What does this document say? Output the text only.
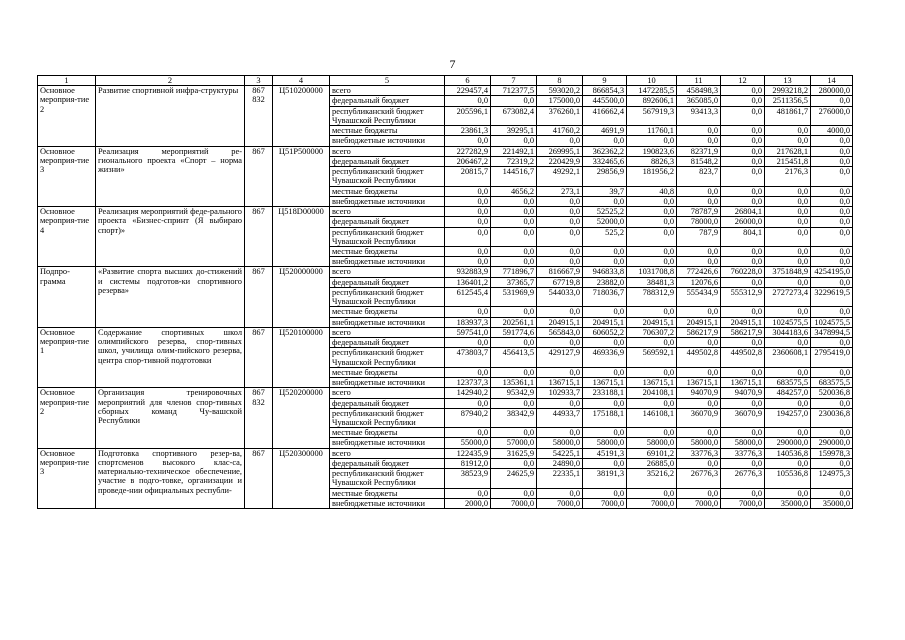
7
1	2	3	4	5	6	7	8	9	10	11	12	13	14
Основное мероприя-тие 2	Развитие спортивной инфра-структуры	867 832	Ц510200000	всего	229457,4	712377,5	593020,2	866854,3	1472285,5	458498,3	0,0	2993218,2	280000,0
				федеральный бюджет	0,0	0,0	175000,0	445500,0	892606,1	365085,0	0,0	2511356,5	0,0
				республиканский бюджет Чувашской Республики	205596,1	673082,4	376260,1	416662,4	567919,3	93413,3	0,0	481861,7	276000,0
				местные бюджеты	23861,3	39295,1	41760,2	4691,9	11760,1	0,0	0,0	0,0	4000,0
				внебюджетные источники	0,0	0,0	0,0	0,0	0,0	0,0	0,0	0,0	0,0
Основное мероприя-тие 3	Реализация мероприятий ре-гионального проекта «Спорт – норма жизни»	867	Ц51Р500000	всего	227282,9	221492,1	269995,1	362362,2	190823,6	82371,9	0,0	217628,1	0,0
				федеральный бюджет	206467,2	72319,2	220429,9	332465,6	8826,3	81548,2	0,0	215451,8	0,0
				республиканский бюджет Чувашской Республики	20815,7	144516,7	49292,1	29856,9	181956,2	823,7	0,0	2176,3	0,0
				местные бюджеты	0,0	4656,2	273,1	39,7	40,8	0,0	0,0	0,0	0,0
				внебюджетные источники	0,0	0,0	0,0	0,0	0,0	0,0	0,0	0,0	0,0
Основное мероприя-тие 4	Реализация мероприятий феде-рального проекта «Бизнес-спринт (Я выбираю спорт)»	867	Ц518D00000	всего	0,0	0,0	0,0	52525,2	0,0	78787,9	26804,1	0,0	0,0
				федеральный бюджет	0,0	0,0	0,0	52000,0	0,0	78000,0	26000,0	0,0	0,0
				республиканский бюджет Чувашской Республики	0,0	0,0	0,0	525,2	0,0	787,9	804,1	0,0	0,0
				местные бюджеты	0,0	0,0	0,0	0,0	0,0	0,0	0,0	0,0	0,0
				внебюджетные источники	0,0	0,0	0,0	0,0	0,0	0,0	0,0	0,0	0,0
Подпро-грамма	«Развитие спорта высших до-стижений и системы подготов-ки спортивного резерва»	867	Ц520000000	всего	932883,9	771896,7	816667,9	946833,8	1031708,8	772426,6	760228,0	3751848,9	4254195,0
				федеральный бюджет	136401,2	37365,7	67719,8	23882,0	38481,3	12076,6	0,0	0,0	0,0
				республиканский бюджет Чувашской Республики	612545,4	531969,9	544033,0	718036,7	788312,9	555434,9	555312,9	2727273,4	3229619,5
				местные бюджеты	0,0	0,0	0,0	0,0	0,0	0,0	0,0	0,0	0,0
				внебюджетные источники	183937,3	202561,1	204915,1	204915,1	204915,1	204915,1	204915,1	1024575,5	1024575,5
Основное мероприя-тие 1	Содержание спортивных школ олимпийского резерва, спор-тивных школ, училища олим-пийского резерва, центра спор-тивной подготовки	867	Ц520100000	всего	597541,0	591774,6	565843,0	606052,2	706307,2	586217,9	586217,9	3044183,6	3478994,5
				федеральный бюджет	0,0	0,0	0,0	0,0	0,0	0,0	0,0	0,0	0,0
				республиканский бюджет Чувашской Республики	473803,7	456413,5	429127,9	469336,9	569592,1	449502,8	449502,8	2360608,1	2795419,0
				местные бюджеты	0,0	0,0	0,0	0,0	0,0	0,0	0,0	0,0	0,0
				внебюджетные источники	123737,3	135361,1	136715,1	136715,1	136715,1	136715,1	136715,1	683575,5	683575,5
Основное мероприя-тие 2	Организация тренировочных мероприятий для членов спор-тивных сборных команд Чу-вашской Республики	867 832	Ц520200000	всего	142940,2	95342,9	102933,7	233188,1	204108,1	94070,9	94070,9	484257,0	520036,8
				федеральный бюджет	0,0	0,0	0,0	0,0	0,0	0,0	0,0	0,0	0,0
				республиканский бюджет Чувашской Республики	87940,2	38342,9	44933,7	175188,1	146108,1	36070,9	36070,9	194257,0	230036,8
				местные бюджеты	0,0	0,0	0,0	0,0	0,0	0,0	0,0	0,0	0,0
				внебюджетные источники	55000,0	57000,0	58000,0	58000,0	58000,0	58000,0	58000,0	290000,0	290000,0
Основное мероприя-тие 3	Подготовка спортивного резер-ва, спортсменов высокого клас-са, материально-техническое обеспечение, участие в подго-товке, организации и проведе-нии официальных республи-	867	Ц520300000	всего	122435,9	31625,9	54225,1	45191,3	69101,2	33776,3	33776,3	140536,8	159978,3
				федеральный бюджет	81912,0	0,0	24890,0	0,0	26885,0	0,0	0,0	0,0	0,0
				республиканский бюджет Чувашской Республики	38523,9	24625,9	22335,1	38191,3	35216,2	26776,3	26776,3	105536,8	124975,3
				местные бюджеты	0,0	0,0	0,0	0,0	0,0	0,0	0,0	0,0	0,0
				внебюджетные источники	2000,0	7000,0	7000,0	7000,0	7000,0	7000,0	7000,0	35000,0	35000,0
